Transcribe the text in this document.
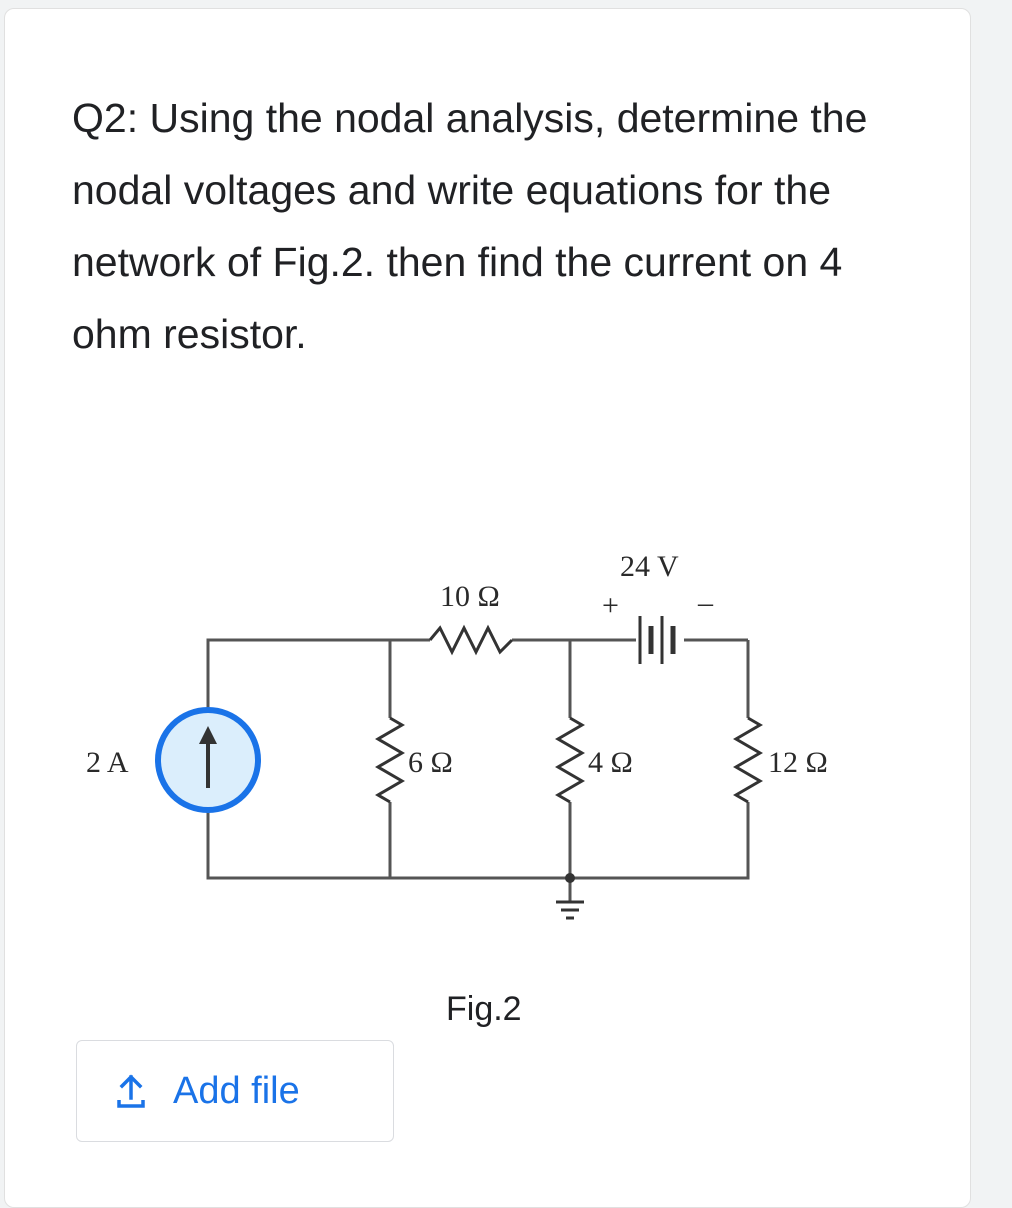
Q2: Using the nodal analysis, determine the nodal voltages and write equations for the network of Fig.2. then find the current on 4 ohm resistor.

2 A
10 Ω
6 Ω	4 Ω	12 Ω
24 V
+	–
Fig.2
Add file
